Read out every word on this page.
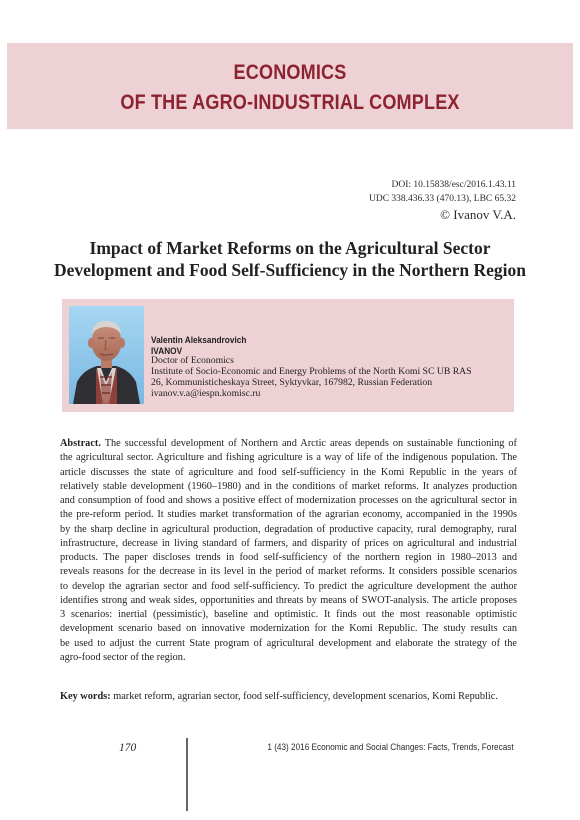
ECONOMICS
OF THE AGRO-INDUSTRIAL COMPLEX
DOI: 10.15838/esc/2016.1.43.11
UDC 338.436.33 (470.13), LBC 65.32
© Ivanov V.A.
Impact of Market Reforms on the Agricultural Sector
Development and Food Self-Sufficiency in the Northern Region
Valentin Aleksandrovich
IVANOV
Doctor of Economics
Institute of Socio-Economic and Energy Problems of the North Komi SC UB RAS
26, Kommunisticheskaya Street, Syktyvkar, 167982, Russian Federation
ivanov.v.a@iespn.komisc.ru
Abstract. The successful development of Northern and Arctic areas depends on sustainable functioning of
the agricultural sector. Agriculture and fishing agriculture is a way of life of the indigenous population. The
article discusses the state of agriculture and food self-sufficiency in the Komi Republic in the years of
relatively stable development (1960–1980) and in the conditions of market reforms. It analyzes production
and consumption of food and shows a positive effect of modernization processes on the agricultural sector in
the pre-reform period. It studies market transformation of the agrarian economy, accompanied in the 1990s
by the sharp decline in agricultural production, degradation of productive capacity, rural demography, rural
infrastructure, decrease in living standard of farmers, and disparity of prices on agricultural and industrial
products. The paper discloses trends in food self-sufficiency of the northern region in 1980–2013 and
reveals reasons for the decrease in its level in the period of market reforms. It considers possible scenarios
to develop the agrarian sector and food self-sufficiency. To predict the agriculture development the author
identifies strong and weak sides, opportunities and threats by means of SWOT-analysis. The article proposes
3 scenarios: inertial (pessimistic), baseline and optimistic. It finds out the most reasonable optimistic
development scenario based on innovative modernization for the Komi Republic. The study results can
be used to adjust the current State program of agricultural development and elaborate the strategy of the
agro-food sector of the region.
Key words: market reform, agrarian sector, food self-sufficiency, development scenarios, Komi Republic.
170	1 (43) 2016 Economic and Social Changes: Facts, Trends, Forecast
